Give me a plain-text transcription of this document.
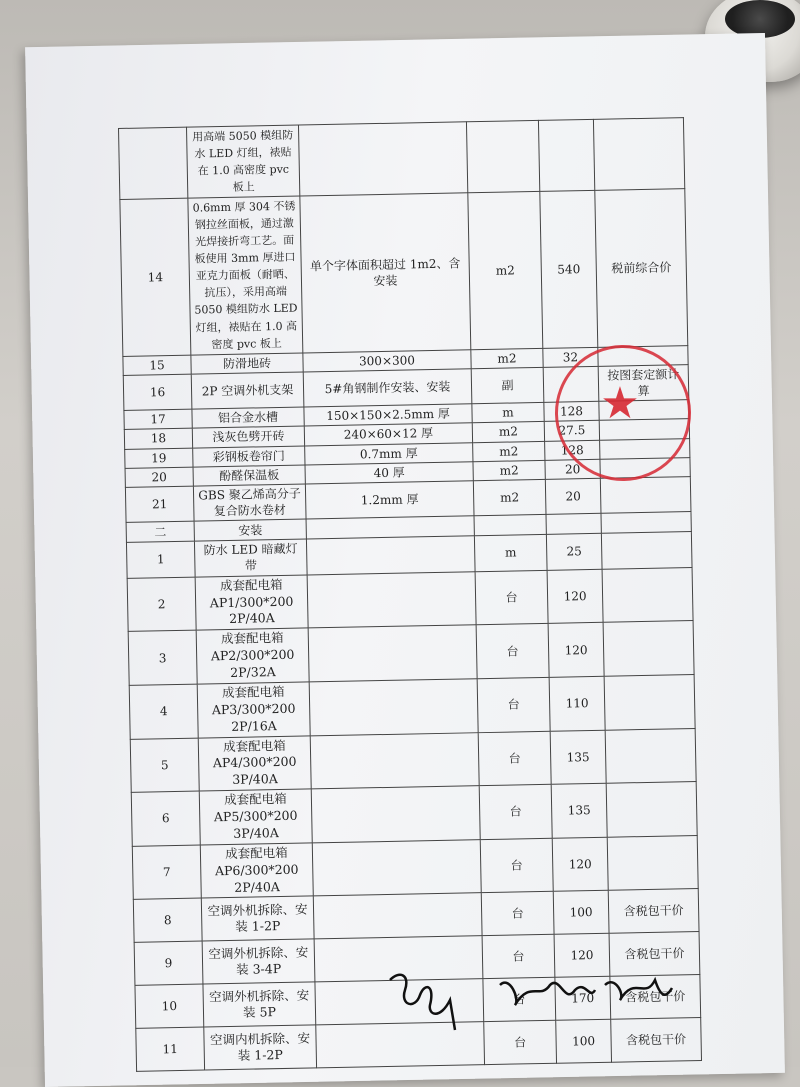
	用高端 5050 模组防水 LED 灯组，裱贴在 1.0 高密度 pvc 板上				
14	0.6mm 厚 304 不锈钢拉丝面板，通过激光焊接折弯工艺。面板使用 3mm 厚进口亚克力面板（耐晒、抗压），采用高端 5050 模组防水 LED 灯组，裱贴在 1.0 高密度 pvc 板上	单个字体面积超过 1m2、含安装	m2	540	税前综合价
15	防滑地砖	300×300	m2	32	
16	2P 空调外机支架	5#角钢制作安装、安装	副		按图套定额计算
17	铝合金水槽	150×150×2.5mm 厚	m	128	
18	浅灰色劈开砖	240×60×12 厚	m2	27.5	
19	彩钢板卷帘门	0.7mm 厚	m2	128	
20	酚醛保温板	40 厚	m2	20	
21	GBS 聚乙烯高分子复合防水卷材	1.2mm 厚	m2	20	
二	安装				
1	防水 LED 暗藏灯带		m	25	
2	成套配电箱 AP1/300*200 2P/40A		台	120	
3	成套配电箱 AP2/300*200 2P/32A		台	120	
4	成套配电箱 AP3/300*200 2P/16A		台	110	
5	成套配电箱 AP4/300*200 3P/40A		台	135	
6	成套配电箱 AP5/300*200 3P/40A		台	135	
7	成套配电箱 AP6/300*200 2P/40A		台	120	
8	空调外机拆除、安装 1-2P		台	100	含税包干价
9	空调外机拆除、安装 3-4P		台	120	含税包干价
10	空调外机拆除、安装 5P		台	170	含税包干价
11	空调内机拆除、安装 1-2P		台	100	含税包干价
★
